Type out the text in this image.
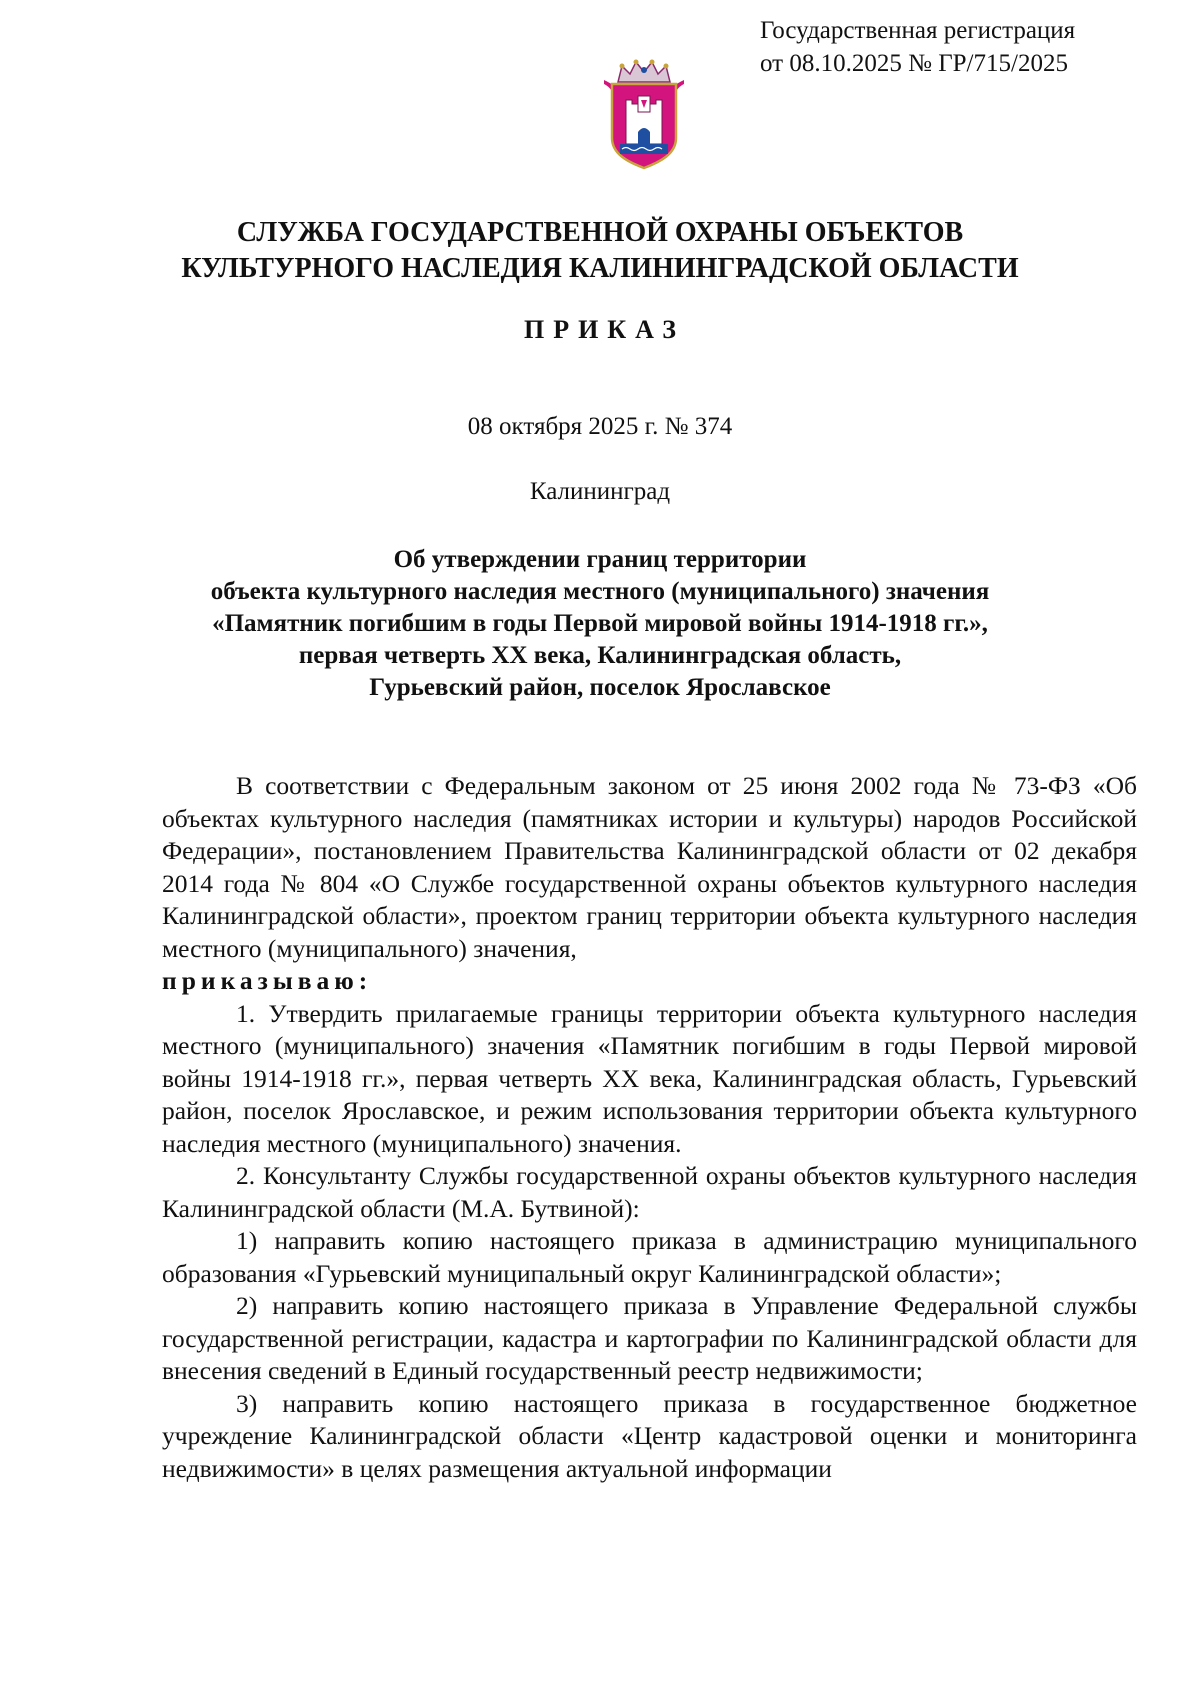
Государственная регистрация
от 08.10.2025 № ГР/715/2025
СЛУЖБА ГОСУДАРСТВЕННОЙ ОХРАНЫ ОБЪЕКТОВ
КУЛЬТУРНОГО НАСЛЕДИЯ КАЛИНИНГРАДСКОЙ ОБЛАСТИ
ПРИКАЗ
08 октября 2025 г. № 374
Калининград
Об утверждении границ территории
объекта культурного наследия местного (муниципального) значения
«Памятник погибшим в годы Первой мировой войны 1914-1918 гг.»,
первая четверть XX века, Калининградская область,
Гурьевский район, поселок Ярославское

В соответствии с Федеральным законом от 25 июня 2002 года № 73-ФЗ «Об объектах культурного наследия (памятниках истории и культуры) народов Российской Федерации», постановлением Правительства Калининградской области от 02 декабря 2014 года № 804 «О Службе государственной охраны объектов культурного наследия Калининградской области», проектом границ территории объекта культурного наследия местного (муниципального) значения,

приказываю:

1. Утвердить прилагаемые границы территории объекта культурного наследия местного (муниципального) значения «Памятник погибшим в годы Первой мировой войны 1914-1918 гг.», первая четверть XX века, Калининградская область, Гурьевский район, поселок Ярославское, и режим использования территории объекта культурного наследия местного (муниципального) значения.

2. Консультанту Службы государственной охраны объектов культурного наследия Калининградской области (М.А. Бутвиной):

1) направить копию настоящего приказа в администрацию муниципального образования «Гурьевский муниципальный округ Калининградской области»;

2) направить копию настоящего приказа в Управление Федеральной службы государственной регистрации, кадастра и картографии по Калининградской области для внесения сведений в Единый государственный реестр недвижимости;

3) направить копию настоящего приказа в государственное бюджетное учреждение Калининградской области «Центр кадастровой оценки и мониторинга недвижимости» в целях размещения актуальной информации
